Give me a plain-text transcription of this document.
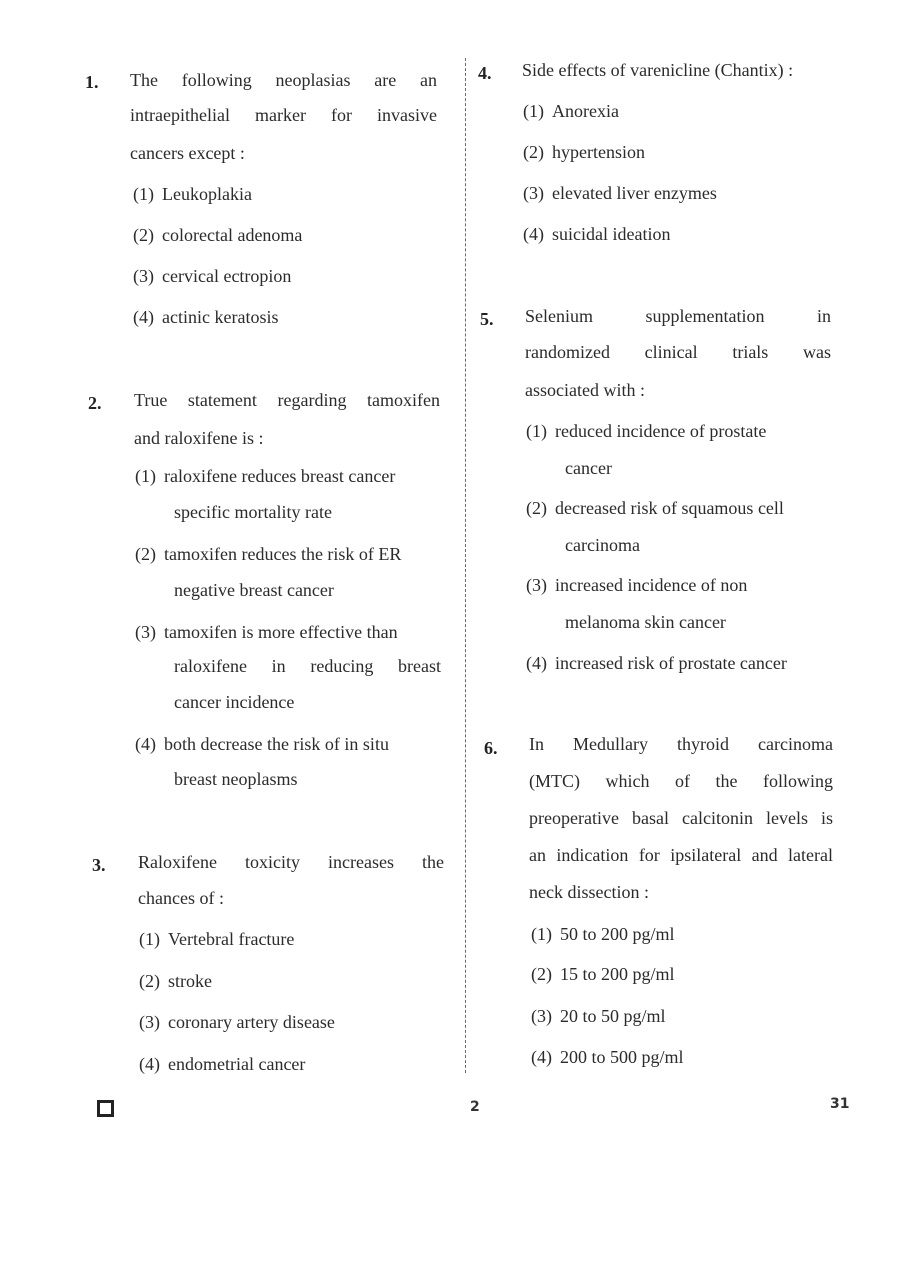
1. The following neoplasias are an
intraepithelial marker for invasive
cancers except :
(1) Leukoplakia
(2) colorectal adenoma
(3) cervical ectropion
(4) actinic keratosis
2. True statement regarding tamoxifen
and raloxifene is :
(1) raloxifene reduces breast cancer
specific mortality rate
(2) tamoxifen reduces the risk of ER
negative breast cancer
(3) tamoxifen is more effective than
raloxifene in reducing breast
cancer incidence
(4) both decrease the risk of in situ
breast neoplasms
3. Raloxifene toxicity increases the
chances of :
(1) Vertebral fracture
(2) stroke
(3) coronary artery disease
(4) endometrial cancer
4. Side effects of varenicline (Chantix) :
(1) Anorexia
(2) hypertension
(3) elevated liver enzymes
(4) suicidal ideation
5. Selenium supplementation in
randomized clinical trials was
associated with :
(1) reduced incidence of prostate
cancer
(2) decreased risk of squamous cell
carcinoma
(3) increased incidence of non
melanoma skin cancer
(4) increased risk of prostate cancer
6. In Medullary thyroid carcinoma
(MTC) which of the following
preoperative basal calcitonin levels is
an indication for ipsilateral and lateral
neck dissection :
(1) 50 to 200 pg/ml
(2) 15 to 200 pg/ml
(3) 20 to 50 pg/ml
(4) 200 to 500 pg/ml
2	31
